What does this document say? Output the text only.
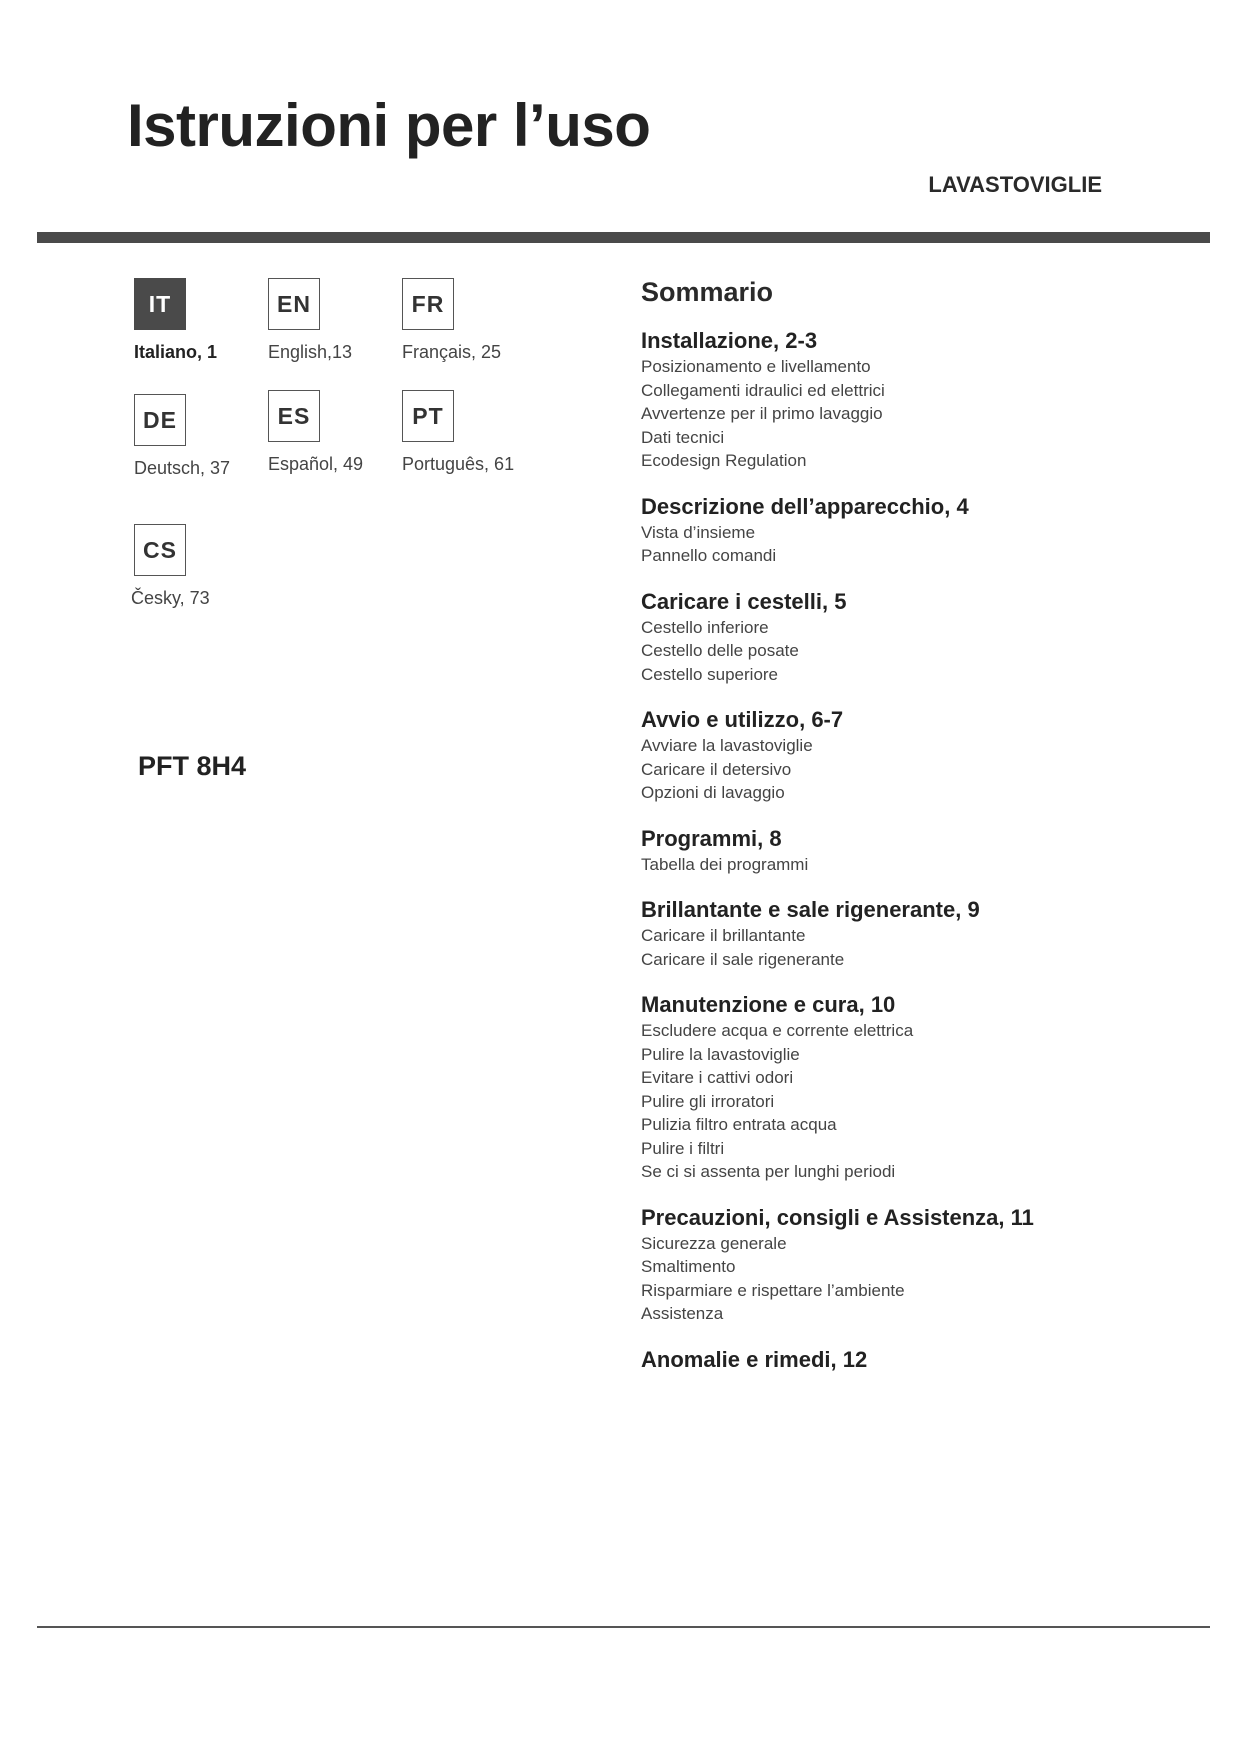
Istruzioni per l’uso
LAVASTOVIGLIE
IT
Italiano, 1
EN
English,13
FR
Français, 25
DE
Deutsch, 37
ES
Español, 49
PT
Português, 61
CS
Česky, 73
PFT 8H4
Sommario
Installazione, 2-3
Posizionamento e livellamento
Collegamenti idraulici ed elettrici
Avvertenze per il primo lavaggio
Dati tecnici
Ecodesign Regulation
Descrizione dell’apparecchio, 4
Vista d’insieme
Pannello comandi
Caricare i cestelli, 5
Cestello inferiore
Cestello delle posate
Cestello superiore
Avvio e utilizzo, 6-7
Avviare la lavastoviglie
Caricare il detersivo
Opzioni di lavaggio
Programmi, 8
Tabella dei programmi
Brillantante e sale rigenerante, 9
Caricare il brillantante
Caricare il sale rigenerante
Manutenzione e cura, 10
Escludere acqua e corrente elettrica
Pulire la lavastoviglie
Evitare i cattivi odori
Pulire gli irroratori
Pulizia filtro entrata acqua
Pulire i filtri
Se ci si assenta per lunghi periodi
Precauzioni, consigli e Assistenza, 11
Sicurezza generale
Smaltimento
Risparmiare e rispettare l’ambiente
Assistenza
Anomalie e rimedi, 12
